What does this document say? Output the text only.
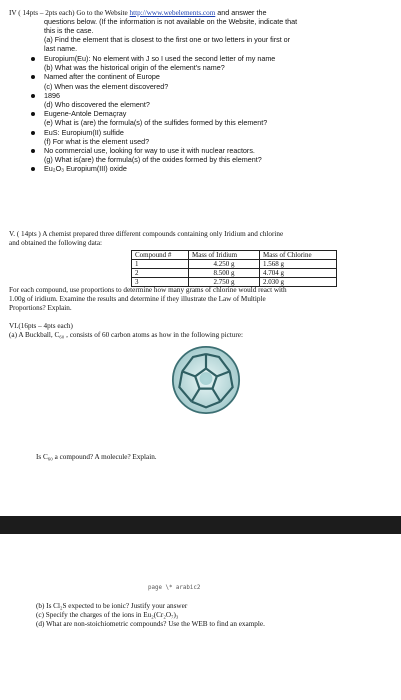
IV ( 14pts – 2pts each) Go to the Website http://www.webelements.com and answer the
questions below. (If the information is not available on the Website, indicate that
this is the case.
(a) Find the element that is closest to the first one or two letters in your first or
last name.
Europium(Eu): No element with J so I used the second letter of my name
(b) What was the historical origin of the element's name?
Named after the continent of Europe
(c) When was the element discovered?
1896
(d) Who discovered the element?
Eugene-Antole Demaçray
(e) What is (are) the formula(s) of the sulfides formed by this element?
EuS: Europium(II) sulfide
(f) For what is the element used?
No commercial use, looking for way to use it with nuclear reactors.
(g) What is(are) the formula(s) of the oxides formed by this element?
Eu₂O₃ Europium(III) oxide
V. ( 14pts ) A chemist prepared three different compounds containing only Iridium and chlorine
and obtained the following data:
Compound #	Mass of Iridium	Mass of Chlorine
1	4.250 g	1.568 g
2	8.500 g	4.704 g
3	2.750 g	2.030 g
For each compound, use proportions to determine how many grams of chlorine would react with
1.00g of iridium. Examine the results and determine if they illustrate the Law of Multiple
Proportions? Explain.
VI.(16pts – 4pts each)
(a) A Buckball, C₆₀ , consists of 60 carbon atoms as how in the following picture:
Is C₆₀ a compound? A molecule? Explain.
page \* arabic2
(b) Is Cl₂S expected to be ionic? Justify your answer
(c) Specify the charges of the ions in Eu₂(Cr₂O₇)₃
(d) What are non-stoichiometric compounds? Use the WEB to find an example.
